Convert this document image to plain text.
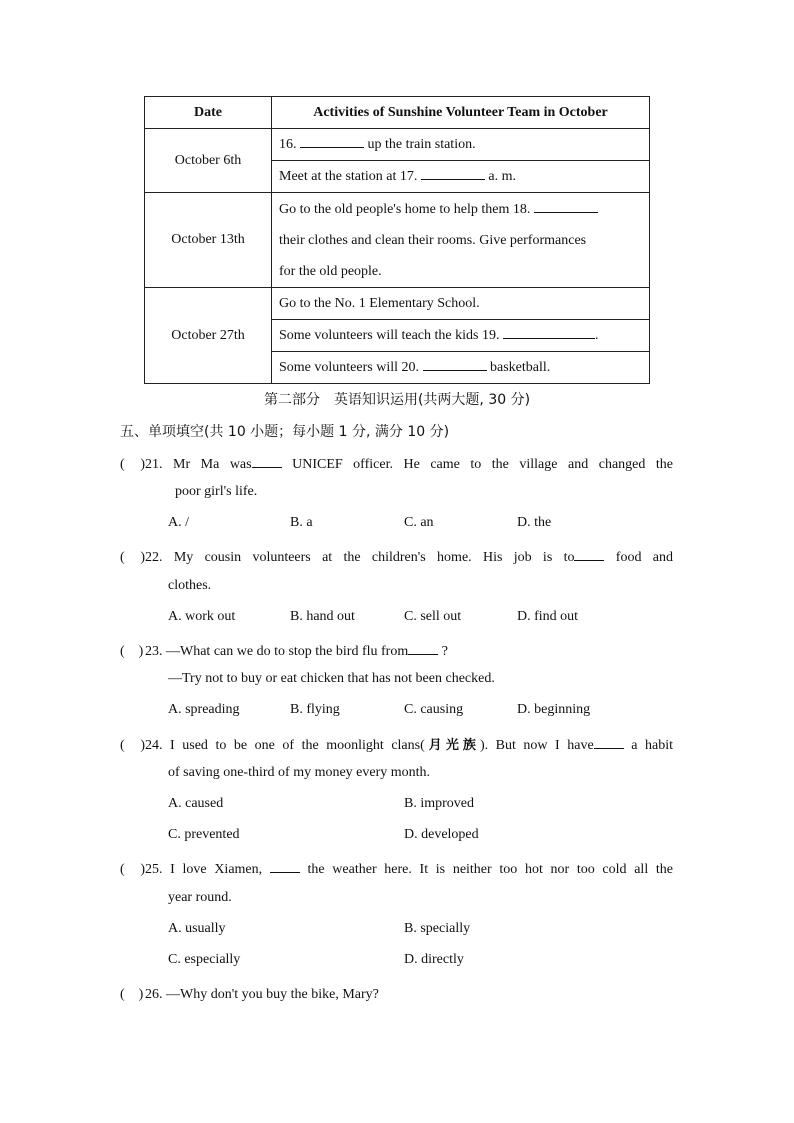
Date	Activities of Sunshine Volunteer Team in October
October 6th	16. up the train station.
	Meet at the station at 17. a. m.
October 13th	Go to the old people's home to help them 18.
their clothes and clean their rooms. Give performances
for the old people.

October 27th	Go to the No. 1 Elementary School.
	Some volunteers will teach the kids 19. .
	Some volunteers will 20. basketball.
第二部分　英语知识运用(共两大题, 30 分)
五、单项填空(共 10 小题；每小题 1 分, 满分 10 分)
(　)21. Mr Ma was	UNICEF officer. He came to the village and changed the
poor girl's life.
A. /	B. a	C. an	D. the
(　)22. My cousin volunteers at the children's home. His job is to	food and
clothes.
A. work out	B. hand out	C. sell out	D. find out
(　) 23. —What can we do to stop the bird flu from ?
—Try not to buy or eat chicken that has not been checked.
A. spreading	B. flying	C. causing	D. beginning
(　)24. I used to be one of the moonlight clans(月光族). But now I have	a habit
of saving one-third of my money every month.
A. caused	B. improved
C. prevented	D. developed
(　)25. I love Xiamen,	the weather here. It is neither too hot nor too cold all the
year round.
A. usually	B. specially
C. especially	D. directly
(　) 26. —Why don't you buy the bike, Mary?
